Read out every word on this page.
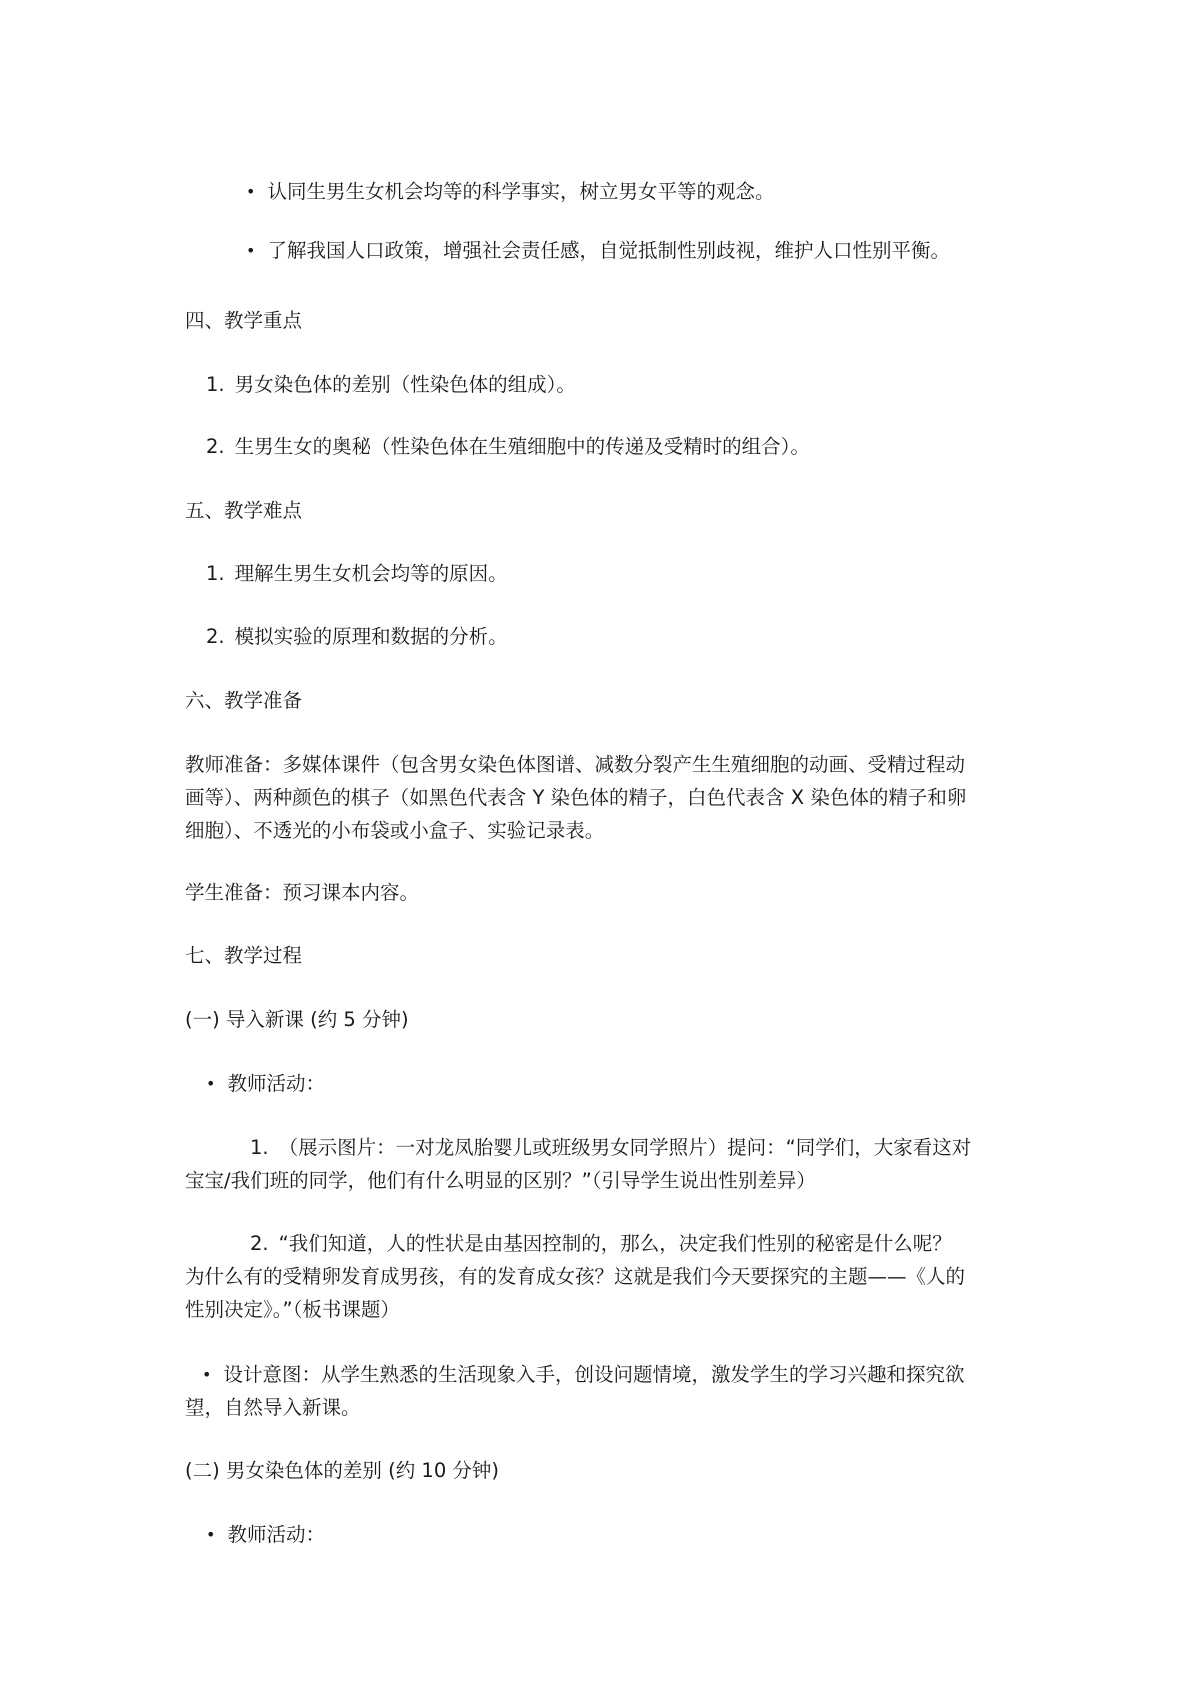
• 认同生男生女机会均等的科学事实，树立男女平等的观念。
• 了解我国人口政策，增强社会责任感，自觉抵制性别歧视，维护人口性别平衡。
四、教学重点
1. 男女染色体的差别（性染色体的组成）。
2. 生男生女的奥秘（性染色体在生殖细胞中的传递及受精时的组合）。
五、教学难点
1. 理解生男生女机会均等的原因。
2. 模拟实验的原理和数据的分析。
六、教学准备
教师准备：多媒体课件（包含男女染色体图谱、减数分裂产生生殖细胞的动画、受精过程动
画等）、两种颜色的棋子（如黑色代表含 Y 染色体的精子，白色代表含 X 染色体的精子和卵
细胞）、不透光的小布袋或小盒子、实验记录表。
学生准备：预习课本内容。
七、教学过程
(一) 导入新课 (约 5 分钟)
• 教师活动：
1. （展示图片：一对龙凤胎婴儿或班级男女同学照片）提问：“同学们，大家看这对
宝宝/我们班的同学，他们有什么明显的区别？”（引导学生说出性别差异）
2. “我们知道，人的性状是由基因控制的，那么，决定我们性别的秘密是什么呢？
为什么有的受精卵发育成男孩，有的发育成女孩？这就是我们今天要探究的主题——《人的
性别决定》。”（板书课题）
• 设计意图：从学生熟悉的生活现象入手，创设问题情境，激发学生的学习兴趣和探究欲
望，自然导入新课。
(二) 男女染色体的差别 (约 10 分钟)
• 教师活动：
